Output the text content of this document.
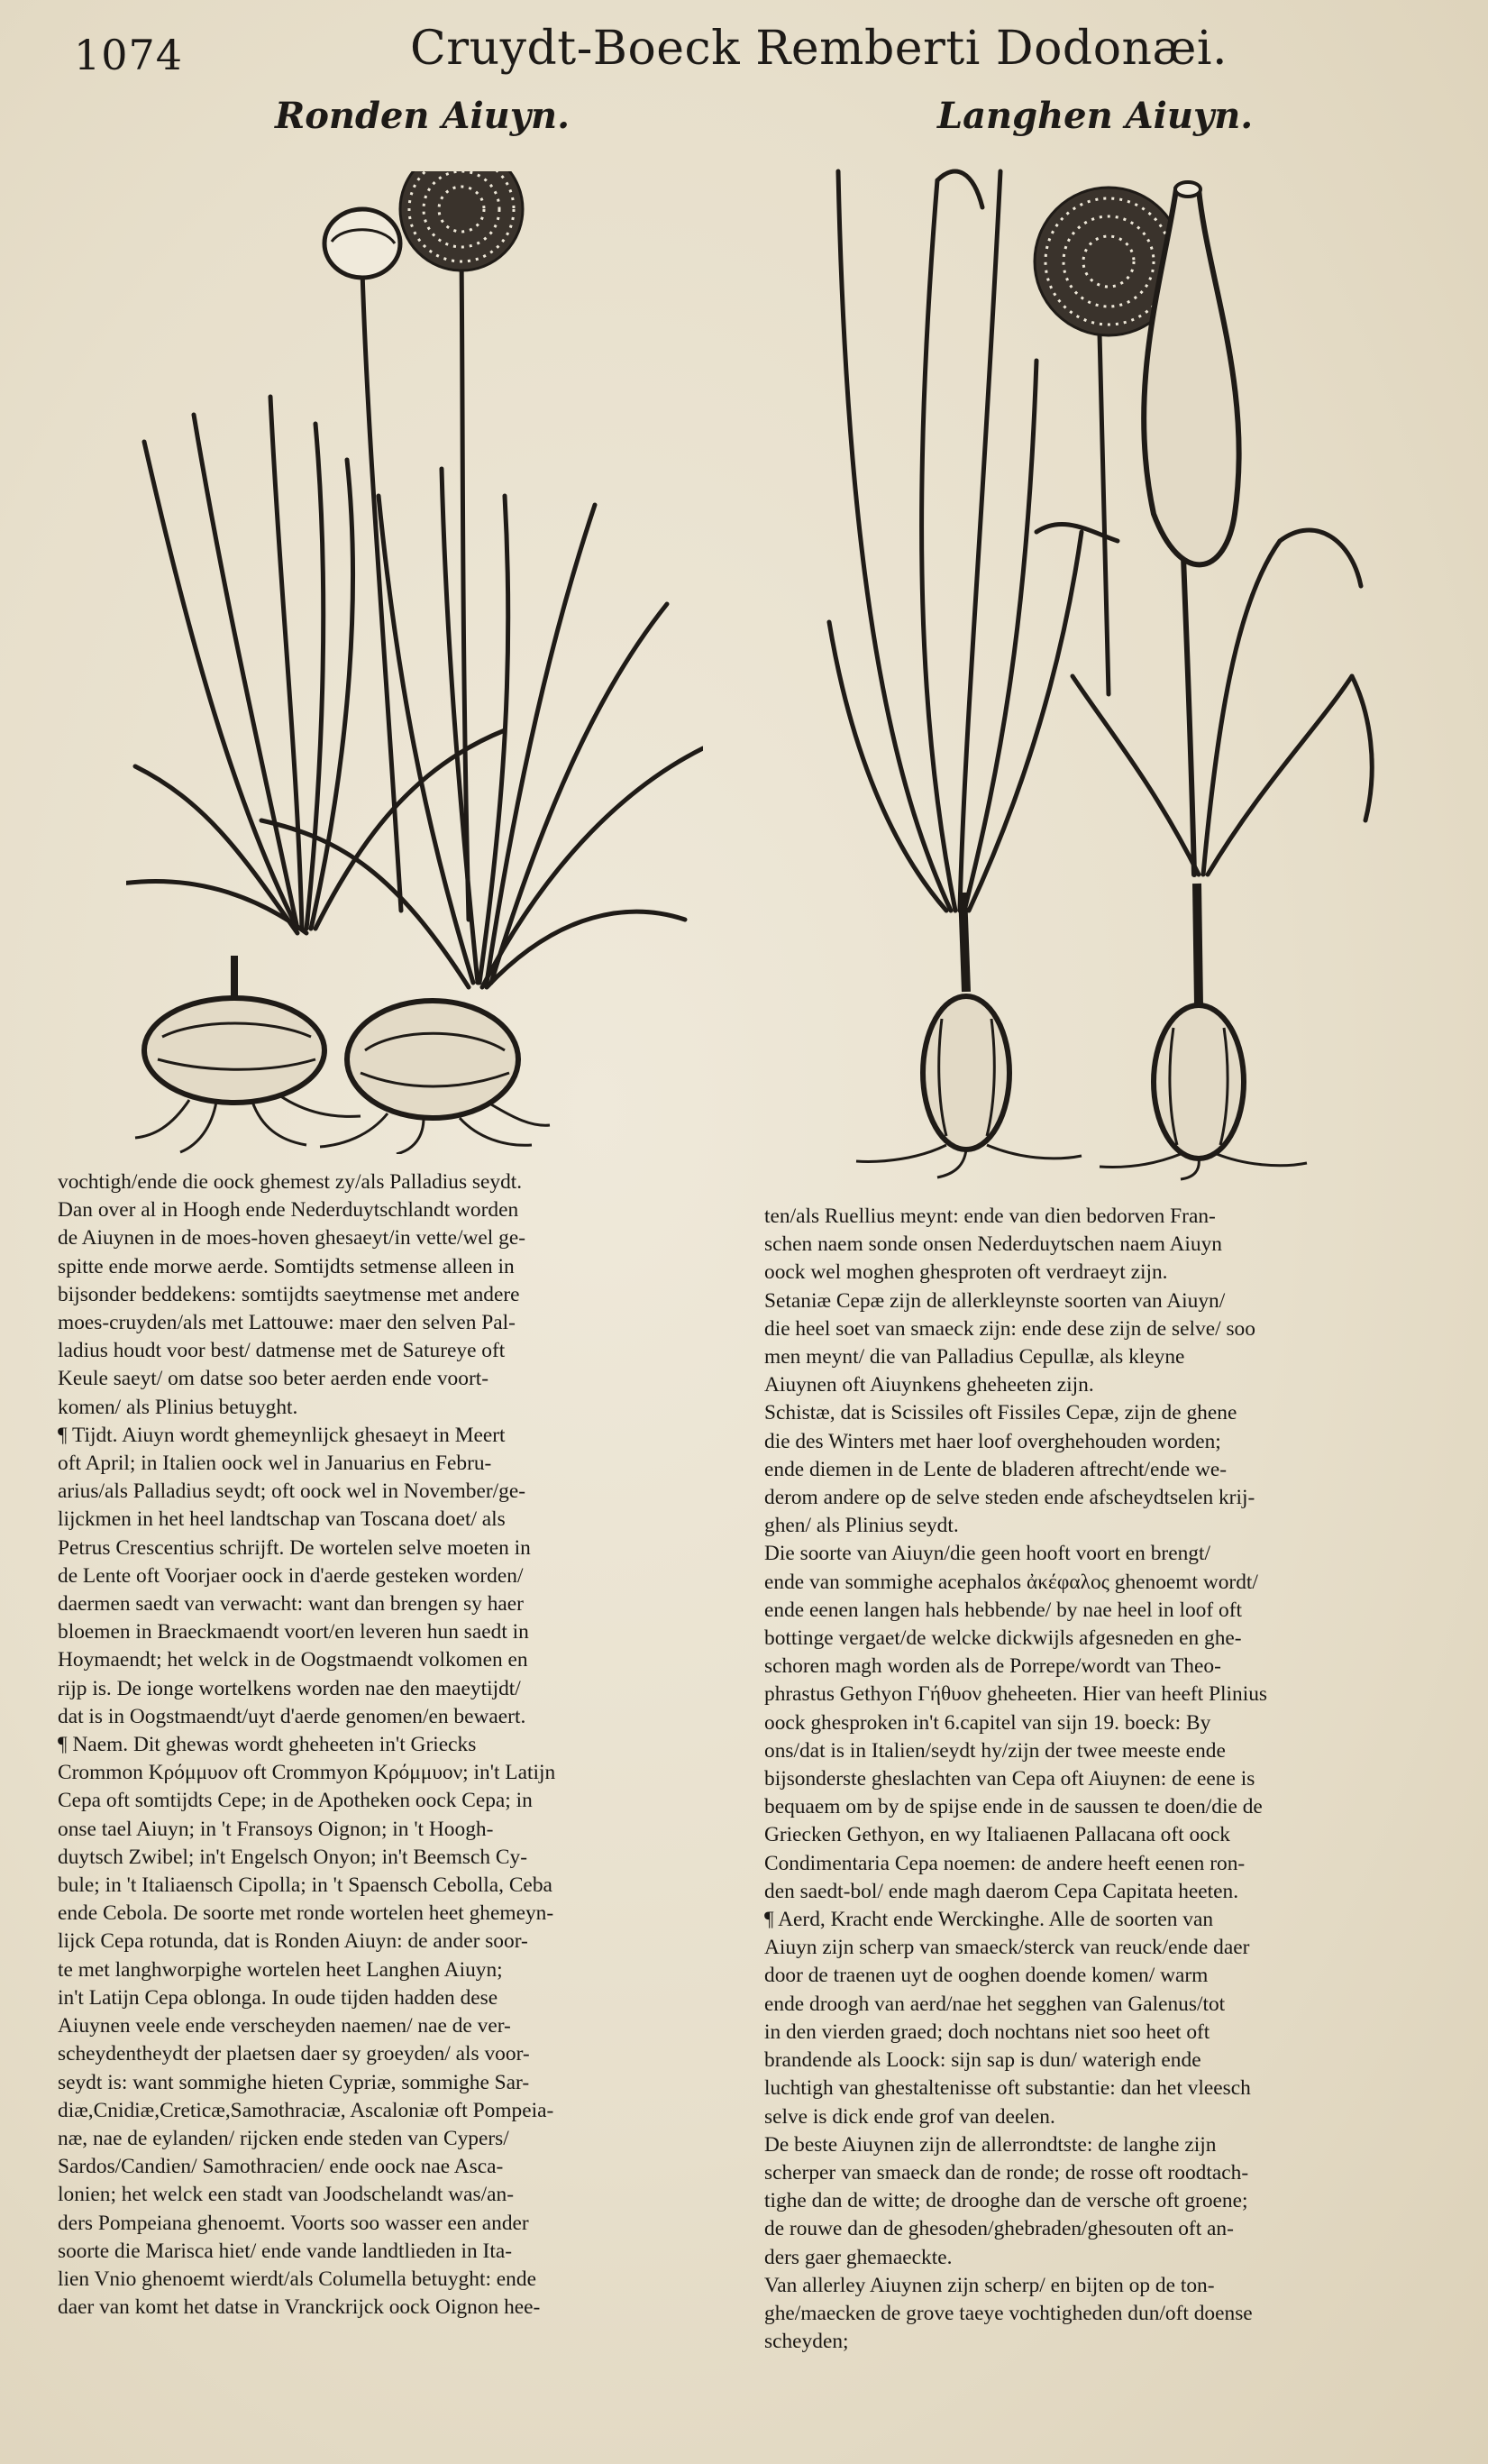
1074	Cruydt-Boeck Remberti Dodonæi.
Ronden Aiuyn.	Langhen Aiuyn.

vochtigh/ende die oock ghemest zy/als Palladius seydt.

Dan over al in Hoogh ende Nederduytschlandt worden

de Aiuynen in de moes-hoven ghesaeyt/in vette/wel ge-

spitte ende morwe aerde. Somtijdts setmense alleen in

bijsonder beddekens: somtijdts saeytmense met andere

moes-cruyden/als met Lattouwe: maer den selven Pal-

ladius houdt voor best/ datmense met de Satureye oft

Keule saeyt/ om datse soo beter aerden ende voort-

komen/ als Plinius betuyght.

¶ Tijdt. Aiuyn wordt ghemeynlijck ghesaeyt in Meert

oft April; in Italien oock wel in Januarius en Febru-

arius/als Palladius seydt; oft oock wel in November/ge-

lijckmen in het heel landtschap van Toscana doet/ als

Petrus Crescentius schrijft. De wortelen selve moeten in

de Lente oft Voorjaer oock in d'aerde gesteken worden/

daermen saedt van verwacht: want dan brengen sy haer

bloemen in Braeckmaendt voort/en leveren hun saedt in

Hoymaendt; het welck in de Oogstmaendt volkomen en

rijp is. De ionge wortelkens worden nae den maeytijdt/

dat is in Oogstmaendt/uyt d'aerde genomen/en bewaert.

¶ Naem. Dit ghewas wordt gheheeten in't Griecks

Crommon Κρόμμυον oft Crommyon Κρόμμυον; in't Latijn

Cepa oft somtijdts Cepe; in de Apotheken oock Cepa; in

onse tael Aiuyn; in 't Fransoys Oignon; in 't Hoogh-

duytsch Zwibel; in't Engelsch Onyon; in't Beemsch Cy-

bule; in 't Italiaensch Cipolla; in 't Spaensch Cebolla, Ceba

ende Cebola. De soorte met ronde wortelen heet ghemeyn-

lijck Cepa rotunda, dat is Ronden Aiuyn: de ander soor-

te met langhworpighe wortelen heet Langhen Aiuyn;

in't Latijn Cepa oblonga. In oude tijden hadden dese

Aiuynen veele ende verscheyden naemen/ nae de ver-

scheydentheydt der plaetsen daer sy groeyden/ als voor-

seydt is: want sommighe hieten Cypriæ, sommighe Sar-

diæ,Cnidiæ,Creticæ,Samothraciæ, Ascaloniæ oft Pompeia-

næ, nae de eylanden/ rijcken ende steden van Cypers/

Sardos/Candien/ Samothracien/ ende oock nae Asca-

lonien; het welck een stadt van Joodschelandt was/an-

ders Pompeiana ghenoemt. Voorts soo wasser een ander

soorte die Marisca hiet/ ende vande landtlieden in Ita-

lien Vnio ghenoemt wierdt/als Columella betuyght: ende

daer van komt het datse in Vranckrijck oock Oignon hee-

ten/als Ruellius meynt: ende van dien bedorven Fran-

schen naem sonde onsen Nederduytschen naem Aiuyn

oock wel moghen ghesproten oft verdraeyt zijn.

Setaniæ Cepæ zijn de allerkleynste soorten van Aiuyn/

die heel soet van smaeck zijn: ende dese zijn de selve/ soo

men meynt/ die van Palladius Cepullæ, als kleyne

Aiuynen oft Aiuynkens gheheeten zijn.

Schistæ, dat is Scissiles oft Fissiles Cepæ, zijn de ghene

die des Winters met haer loof overghehouden worden;

ende diemen in de Lente de bladeren aftrecht/ende we-

derom andere op de selve steden ende afscheydtselen krij-

ghen/ als Plinius seydt.

Die soorte van Aiuyn/die geen hooft voort en brengt/

ende van sommighe acephalos ἀκέφαλος ghenoemt wordt/

ende eenen langen hals hebbende/ by nae heel in loof oft

bottinge vergaet/de welcke dickwijls afgesneden en ghe-

schoren magh worden als de Porrepe/wordt van Theo-

phrastus Gethyon Γήθυον gheheeten. Hier van heeft Plinius

oock ghesproken in't 6.capitel van sijn 19. boeck: By

ons/dat is in Italien/seydt hy/zijn der twee meeste ende

bijsonderste gheslachten van Cepa oft Aiuynen: de eene is

bequaem om by de spijse ende in de saussen te doen/die de

Griecken Gethyon, en wy Italiaenen Pallacana oft oock

Condimentaria Cepa noemen: de andere heeft eenen ron-

den saedt-bol/ ende magh daerom Cepa Capitata heeten.

¶ Aerd, Kracht ende Werckinghe. Alle de soorten van

Aiuyn zijn scherp van smaeck/sterck van reuck/ende daer

door de traenen uyt de ooghen doende komen/ warm

ende droogh van aerd/nae het segghen van Galenus/tot

in den vierden graed; doch nochtans niet soo heet oft

brandende als Loock: sijn sap is dun/ waterigh ende

luchtigh van ghestaltenisse oft substantie: dan het vleesch

selve is dick ende grof van deelen.

De beste Aiuynen zijn de allerrondtste: de langhe zijn

scherper van smaeck dan de ronde; de rosse oft roodtach-

tighe dan de witte; de drooghe dan de versche oft groene;

de rouwe dan de ghesoden/ghebraden/ghesouten oft an-

ders gaer ghemaeckte.

Van allerley Aiuynen zijn scherp/ en bijten op de ton-

ghe/maecken de grove taeye vochtigheden dun/oft doense

scheyden;
